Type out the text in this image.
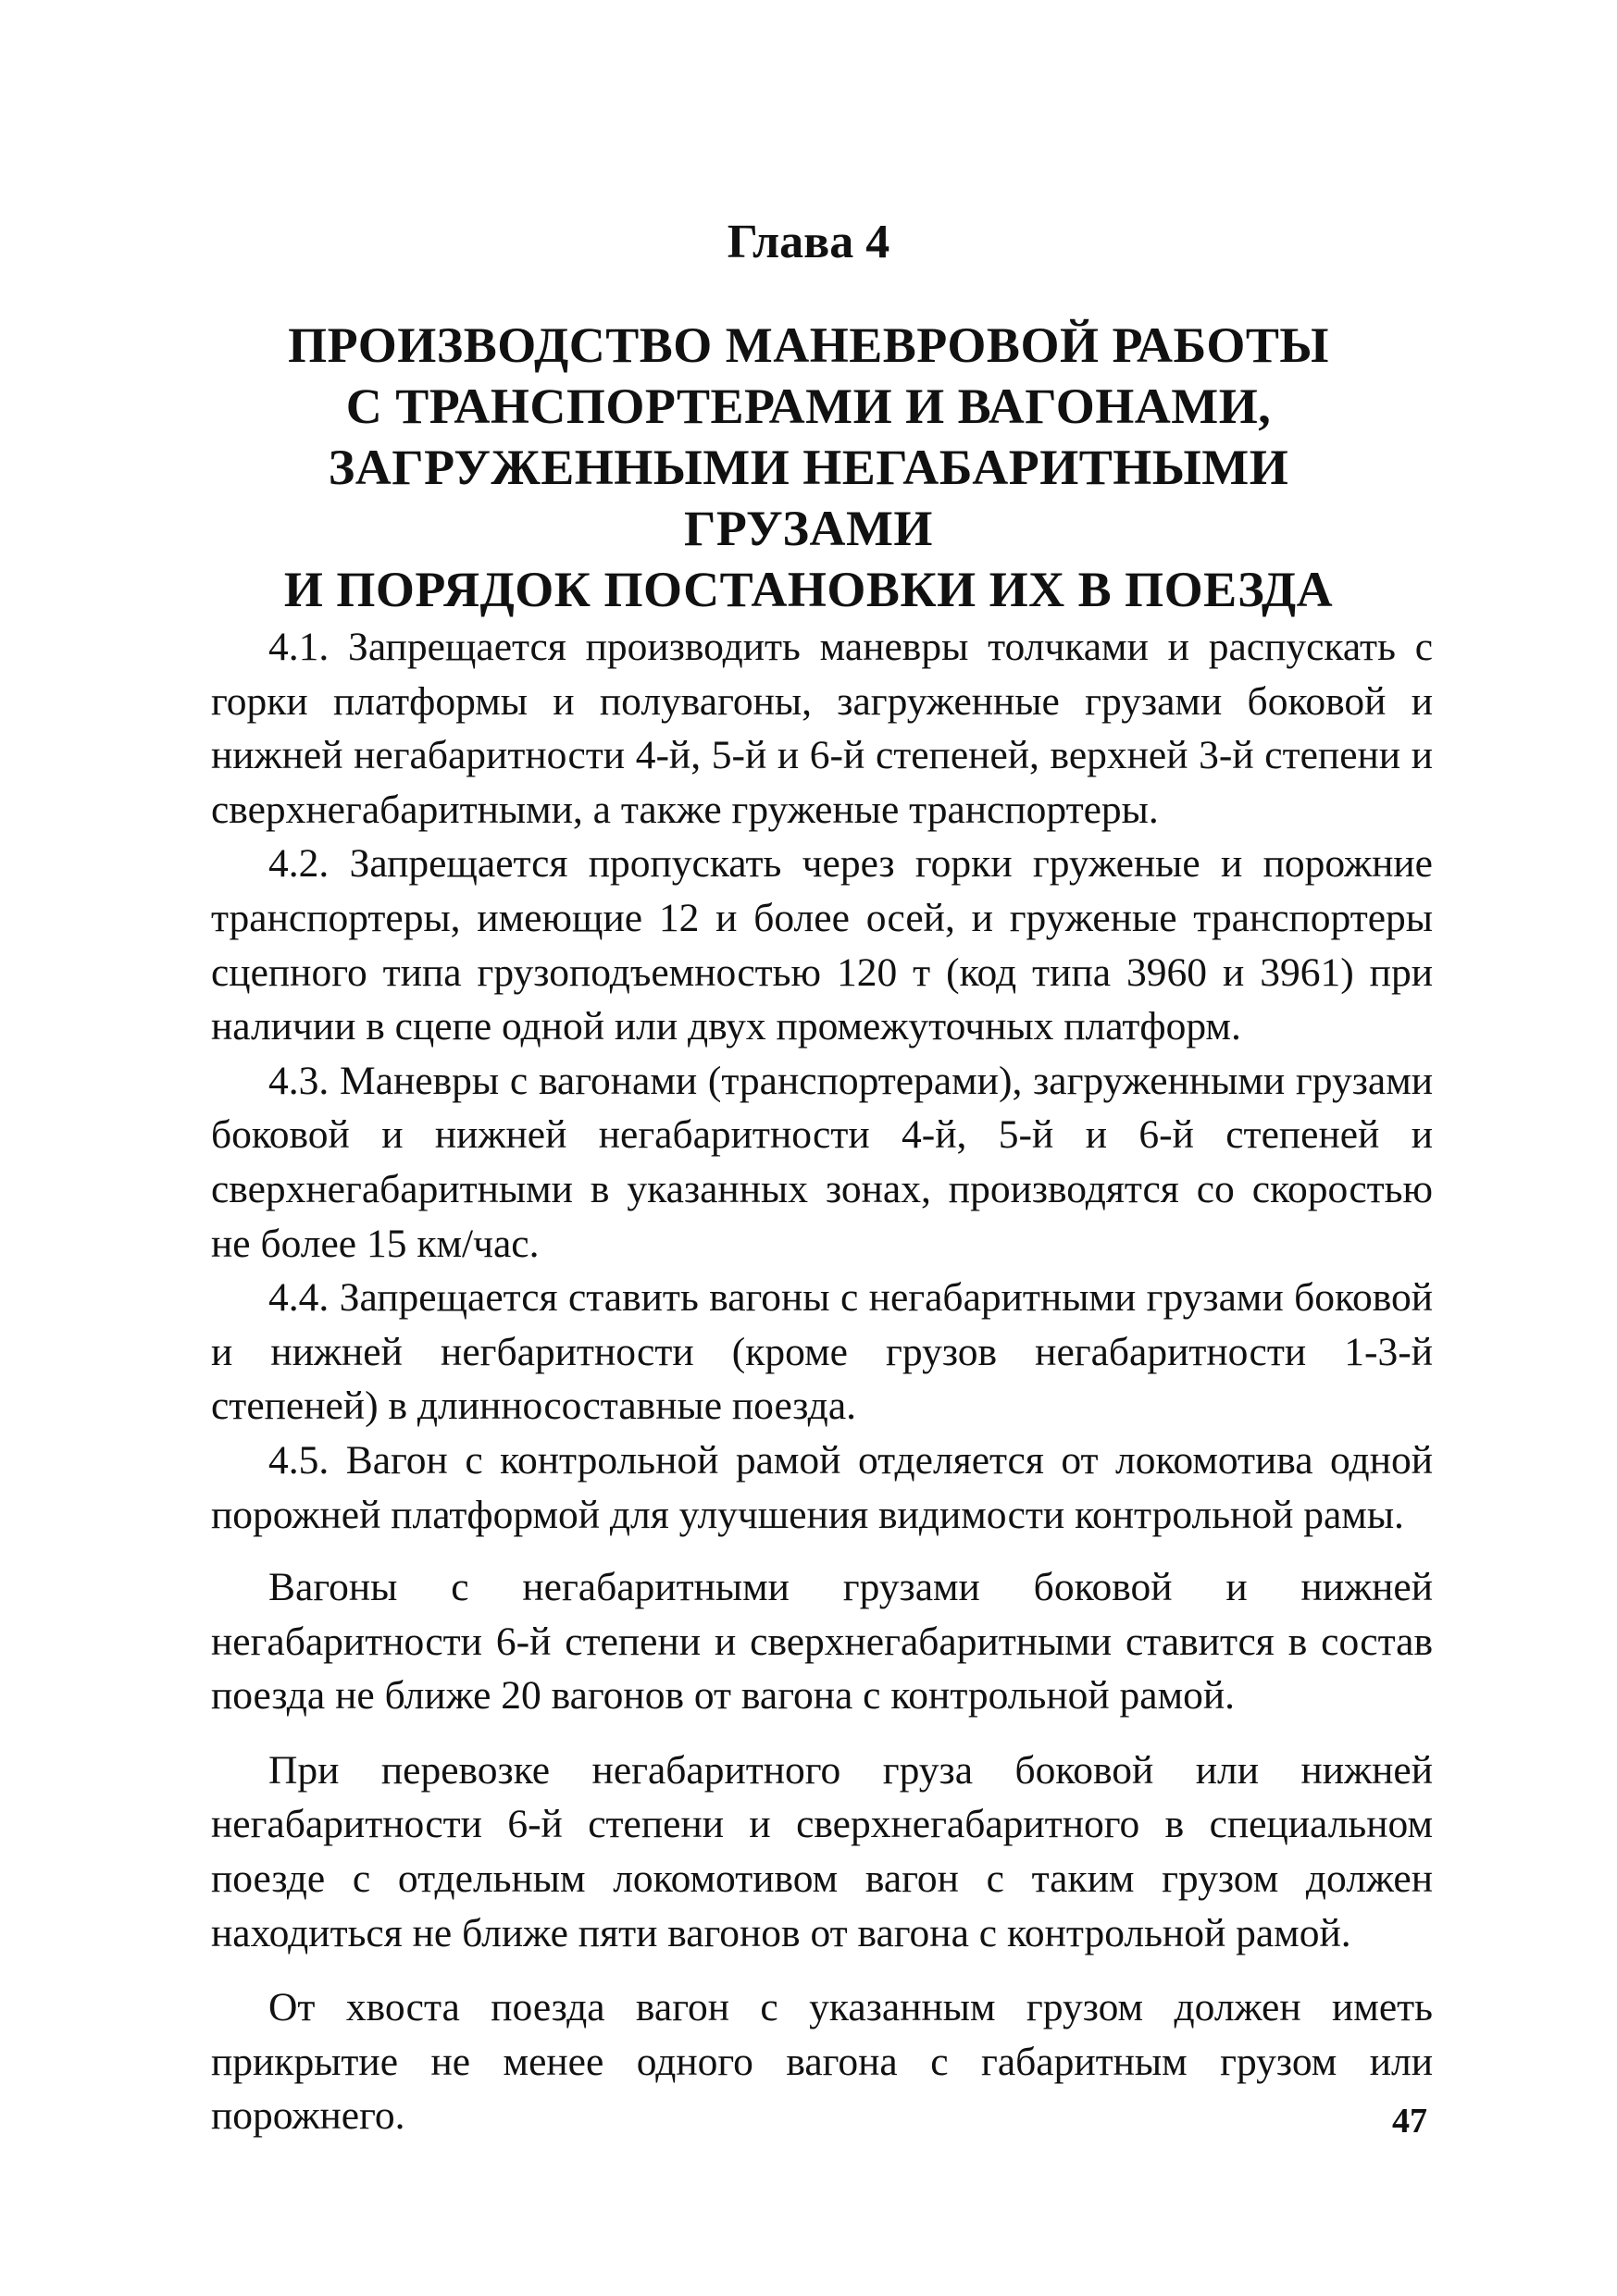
Глава 4
ПРОИЗВОДСТВО МАНЕВРОВОЙ РАБОТЫ
С ТРАНСПОРТЕРАМИ И ВАГОНАМИ,
ЗАГРУЖЕННЫМИ НЕГАБАРИТНЫМИ
ГРУЗАМИ
И ПОРЯДОК ПОСТАНОВКИ ИХ В ПОЕЗДА

4.1. Запрещается производить маневры толчками и распускать с горки платформы и полувагоны, загруженные грузами боковой и нижней негабаритности 4-й, 5-й и 6-й степеней, верхней 3-й степени и сверхнегабаритными, а также груженые транспортеры.

4.2. Запрещается пропускать через горки груженые и порожние транспортеры, имеющие 12 и более осей, и груженые транспортеры сцепного типа грузоподъемностью 120 т (код типа 3960 и 3961) при наличии в сцепе одной или двух промежуточных платформ.

4.3. Маневры с вагонами (транспортерами), загруженными грузами боковой и нижней негабаритности 4-й, 5-й и 6-й степеней и сверхнегабаритными в указанных зонах, производятся со скоростью не более 15 км/час.

4.4. Запрещается ставить вагоны с негабаритными грузами боковой и нижней негбаритности (кроме грузов негабаритности 1-3-й степеней) в длинносоставные поезда.

4.5. Вагон с контрольной рамой отделяется от локомотива одной порожней платформой для улучшения видимости контрольной рамы.

Вагоны с негабаритными грузами боковой и нижней негабаритности 6-й степени и сверхнегабаритными ставится в состав поезда не ближе 20 вагонов от вагона с контрольной рамой.

При перевозке негабаритного груза боковой или нижней негабаритности 6-й степени и сверхнегабаритного в специальном поезде с отдельным локомотивом вагон с таким грузом должен находиться не ближе пяти вагонов от вагона с контрольной рамой.

От хвоста поезда вагон с указанным грузом должен иметь прикрытие не менее одного вагона с габаритным грузом или порожнего.	47
